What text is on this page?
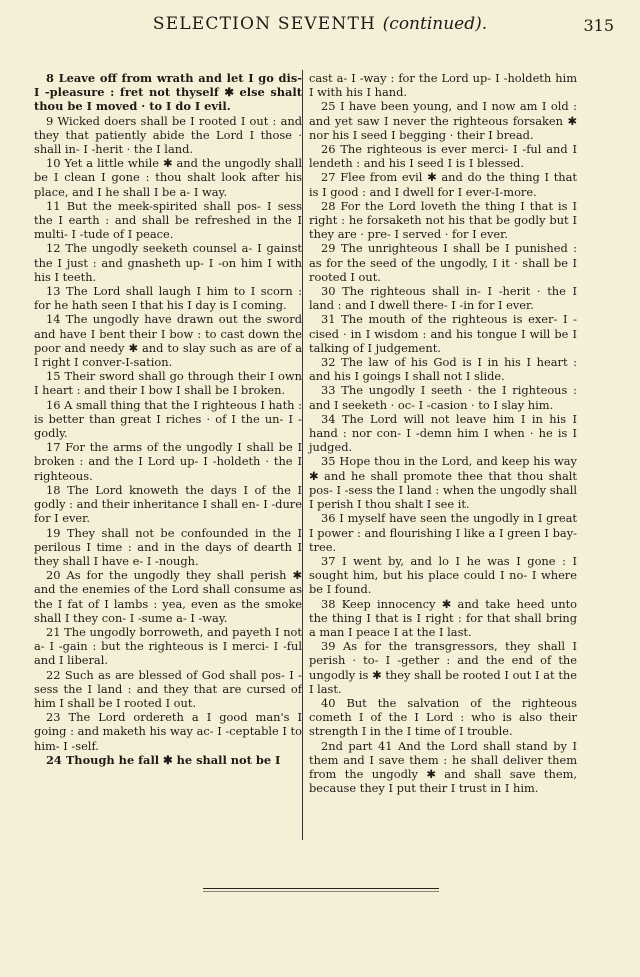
SELECTION SEVENTH (continued).	315

8 Leave off from wrath and let I go dis- I -pleasure : fret not thyself ✱ else shalt thou be I moved · to I do I evil.

9 Wicked doers shall be I rooted I out : and they that patiently abide the Lord I those · shall in- I -herit · the I land.

10 Yet a little while ✱ and the ungodly shall be I clean I gone : thou shalt look after his place, and I he shall I be a- I way.

11 But the meek-spirited shall pos- I sess the I earth : and shall be refreshed in the I multi- I -tude of I peace.

12 The ungodly seeketh counsel a- I gainst the I just : and gnasheth up- I -on him I with his I teeth.

13 The Lord shall laugh I him to I scorn : for he hath seen I that his I day is I coming.

14 The ungodly have drawn out the sword and have I bent their I bow : to cast down the poor and needy ✱ and to slay such as are of a I right I conver-I-sation.

15 Their sword shall go through their I own I heart : and their I bow I shall be I broken.

16 A small thing that the I righteous I hath : is better than great I riches · of I the un- I -godly.

17 For the arms of the ungodly I shall be I broken : and the I Lord up- I -holdeth · the I righteous.

18 The Lord knoweth the days I of the I godly : and their inheritance I shall en- I -dure for I ever.

19 They shall not be confounded in the I perilous I time : and in the days of dearth I they shall I have e- I -nough.

20 As for the ungodly they shall perish ✱ and the enemies of the Lord shall consume as the I fat of I lambs : yea, even as the smoke shall I they con- I -sume a- I -way.

21 The ungodly borroweth, and payeth I not a- I -gain : but the righteous is I merci- I -ful and I liberal.

22 Such as are blessed of God shall pos- I -sess the I land : and they that are cursed of him I shall be I rooted I out.

23 The Lord ordereth a I good man's I going : and maketh his way ac- I -ceptable I to him- I -self.

24 Though he fall ✱ he shall not be I

cast a- I -way : for the Lord up- I -holdeth him I with his I hand.

25 I have been young, and I now am I old : and yet saw I never the righteous forsaken ✱ nor his I seed I begging · their I bread.

26 The righteous is ever merci- I -ful and I lendeth : and his I seed I is I blessed.

27 Flee from evil ✱ and do the thing I that is I good : and I dwell for I ever-I-more.

28 For the Lord loveth the thing I that is I right : he forsaketh not his that be godly but I they are · pre- I served · for I ever.

29 The unrighteous I shall be I punished : as for the seed of the ungodly, I it · shall be I rooted I out.

30 The righteous shall in- I -herit · the I land : and I dwell there- I -in for I ever.

31 The mouth of the righteous is exer- I -cised · in I wisdom : and his tongue I will be I talking of I judgement.

32 The law of his God is I in his I heart : and his I goings I shall not I slide.

33 The ungodly I seeth · the I righteous : and I seeketh · oc- I -casion · to I slay him.

34 The Lord will not leave him I in his I hand : nor con- I -demn him I when · he is I judged.

35 Hope thou in the Lord, and keep his way ✱ and he shall promote thee that thou shalt pos- I -sess the I land : when the ungodly shall I perish I thou shalt I see it.

36 I myself have seen the ungodly in I great I power : and flourishing I like a I green I bay-tree.

37 I went by, and lo I he was I gone : I sought him, but his place could I no- I where be I found.

38 Keep innocency ✱ and take heed unto the thing I that is I right : for that shall bring a man I peace I at the I last.

39 As for the transgressors, they shall I perish · to- I -gether : and the end of the ungodly is ✱ they shall be rooted I out I at the I last.

40 But the salvation of the righteous cometh I of the I Lord : who is also their strength I in the I time of I trouble.

2nd part 41 And the Lord shall stand by I them and I save them : he shall deliver them from the ungodly ✱ and shall save them, because they I put their I trust in I him.
